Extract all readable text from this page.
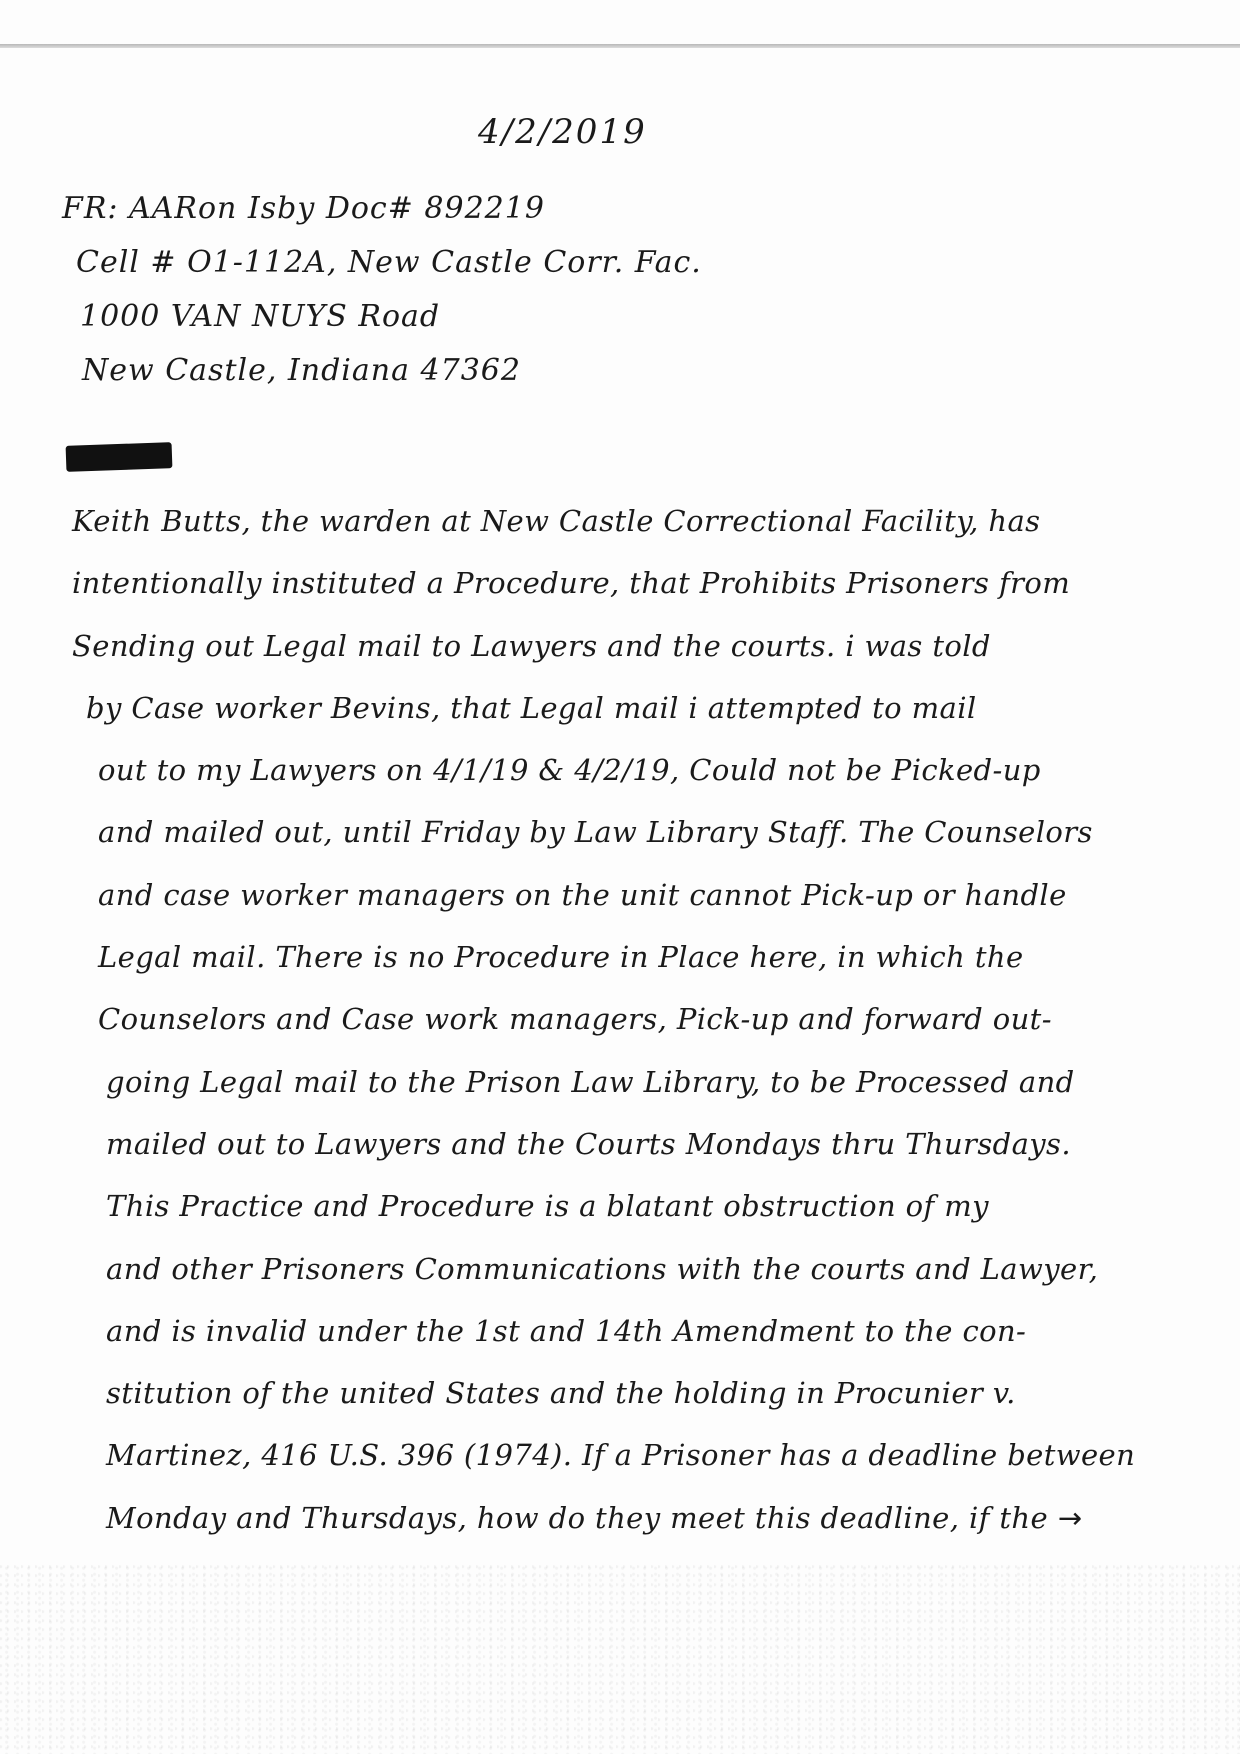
4/2/2019
FR: AARon Isby Doc# 892219
Cell # O1-112A, New Castle Corr. Fac.
1000 VAN NUYS Road
New Castle, Indiana 47362
Keith Butts, the warden at New Castle Correctional Facility, has
intentionally instituted a Procedure, that Prohibits Prisoners from
Sending out Legal mail to Lawyers and the courts. i was told
by Case worker Bevins, that Legal mail i attempted to mail
out to my Lawyers on 4/1/19 & 4/2/19, Could not be Picked-up
and mailed out, until Friday by Law Library Staff. The Counselors
and case worker managers on the unit cannot Pick-up or handle
Legal mail. There is no Procedure in Place here, in which the
Counselors and Case work managers, Pick-up and forward out-
going Legal mail to the Prison Law Library, to be Processed and
mailed out to Lawyers and the Courts Mondays thru Thursdays.
This Practice and Procedure is a blatant obstruction of my
and other Prisoners Communications with the courts and Lawyer,
and is invalid under the 1st and 14th Amendment to the con-
stitution of the united States and the holding in Procunier v.
Martinez, 416 U.S. 396 (1974). If a Prisoner has a deadline between
Monday and Thursdays, how do they meet this deadline, if the →
